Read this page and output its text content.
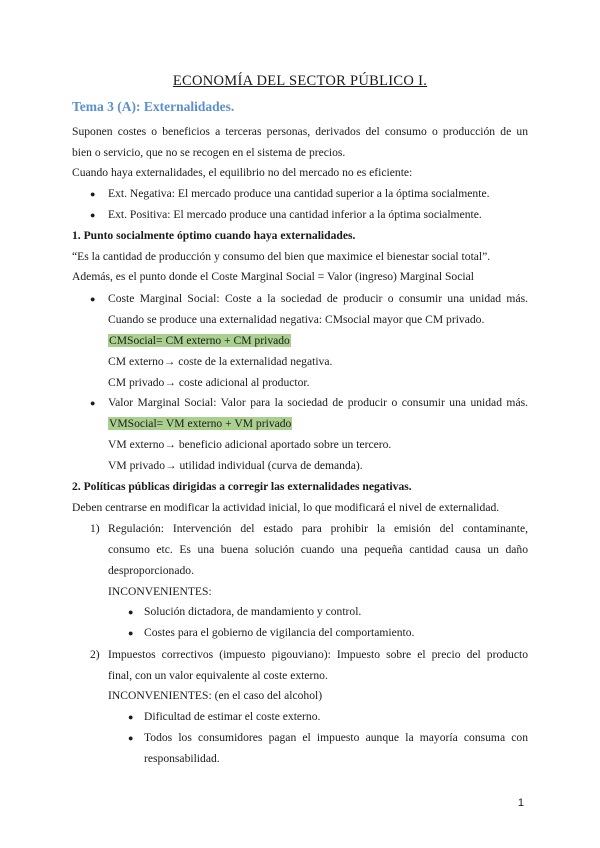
ECONOMÍA DEL SECTOR PÚBLICO I.
Tema 3 (A): Externalidades.
Suponen costes o beneficios a terceras personas, derivados del consumo o producción de un
bien o servicio, que no se recogen en el sistema de precios.
Cuando haya externalidades, el equilibrio no del mercado no es eficiente:
● Ext. Negativa: El mercado produce una cantidad superior a la óptima socialmente.
● Ext. Positiva: El mercado produce una cantidad inferior a la óptima socialmente.
1. Punto socialmente óptimo cuando haya externalidades.
“Es la cantidad de producción y consumo del bien que maximice el bienestar social total”.
Además, es el punto donde el Coste Marginal Social = Valor (ingreso) Marginal Social
● Coste Marginal Social: Coste a la sociedad de producir o consumir una unidad más.
Cuando se produce una externalidad negativa: CMsocial mayor que CM privado.
CMSocial= CM externo + CM privado
CM externo→ coste de la externalidad negativa.
CM privado→ coste adicional al productor.
● Valor Marginal Social: Valor para la sociedad de producir o consumir una unidad más.
VMSocial= VM externo + VM privado
VM externo→ beneficio adicional aportado sobre un tercero.
VM privado→ utilidad individual (curva de demanda).
2. Políticas públicas dirigidas a corregir las externalidades negativas.
Deben centrarse en modificar la actividad inicial, lo que modificará el nivel de externalidad.
1) Regulación: Intervención del estado para prohibir la emisión del contaminante,
consumo etc. Es una buena solución cuando una pequeña cantidad causa un daño
desproporcionado.
INCONVENIENTES:
● Solución dictadora, de mandamiento y control.
● Costes para el gobierno de vigilancia del comportamiento.
2) Impuestos correctivos (impuesto pigouviano): Impuesto sobre el precio del producto
final, con un valor equivalente al coste externo.
INCONVENIENTES: (en el caso del alcohol)
● Dificultad de estimar el coste externo.
● Todos los consumidores pagan el impuesto aunque la mayoría consuma con
responsabilidad.
1
